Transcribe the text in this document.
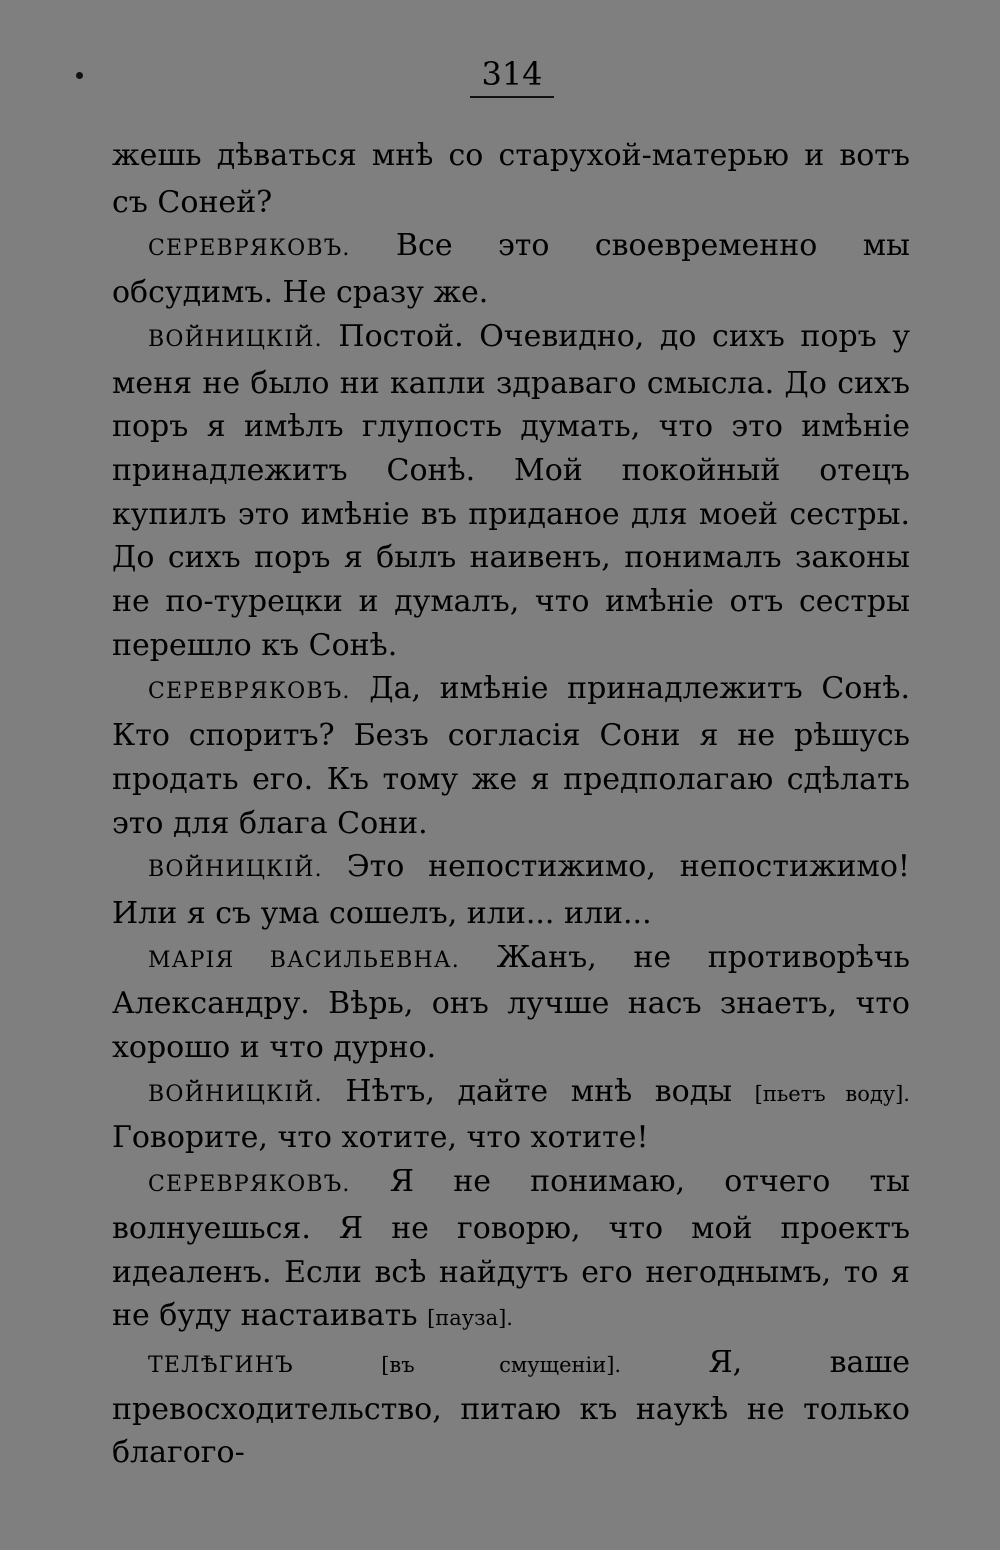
314

жешь дѣваться мнѣ со старухой-матерью и вотъ съ Соней?

СЕРЕВРЯКОВЪ. Все это своевременно мы обсудимъ. Не сразу же.

ВОЙНИЦКІЙ. Постой. Очевидно, до сихъ поръ у меня не было ни капли здраваго смысла. До сихъ поръ я имѣлъ глупость думать, что это имѣніе принадлежитъ Сонѣ. Мой покойный отецъ купилъ это имѣніе въ приданое для моей сестры. До сихъ поръ я былъ наивенъ, понималъ законы не по-турецки и думалъ, что имѣніе отъ сестры перешло къ Сонѣ.

СЕРЕВРЯКОВЪ. Да, имѣніе принадлежитъ Сонѣ. Кто споритъ? Безъ согласія Сони я не рѣшусь продать его. Къ тому же я предполагаю сдѣлать это для блага Сони.

ВОЙНИЦКІЙ. Это непостижимо, непостижимо! Или я съ ума сошелъ, или... или...

МАРІЯ ВАСИЛЬЕВНА. Жанъ, не противорѣчь Александру. Вѣрь, онъ лучше насъ знаетъ, что хорошо и что дурно.

ВОЙНИЦКІЙ. Нѣтъ, дайте мнѣ воды [пьетъ воду]. Говорите, что хотите, что хотите!

СЕРЕВРЯКОВЪ. Я не понимаю, отчего ты волнуешься. Я не говорю, что мой проектъ идеаленъ. Если всѣ найдутъ его негоднымъ, то я не буду настаивать [пауза].

ТЕЛѢГИНЪ	[въ смущеніи].	Я, ваше превосходительство, питаю къ наукѣ не только благого-
